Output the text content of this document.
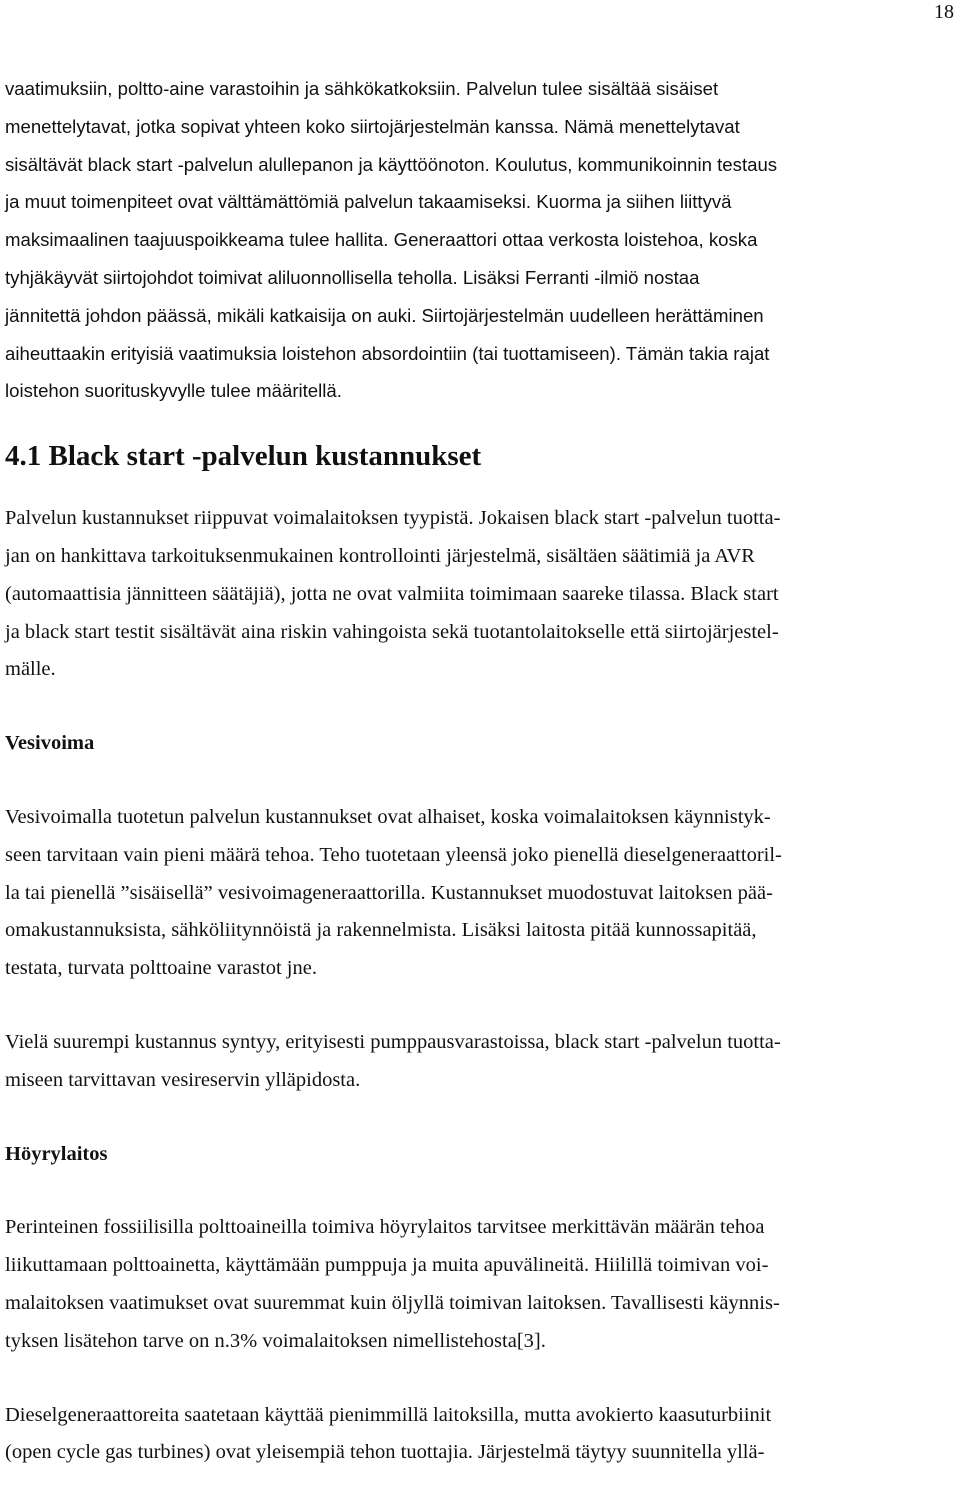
18
vaatimuksiin, poltto-aine varastoihin ja sähkökatkoksiin. Palvelun tulee sisältää sisäiset
menettelytavat, jotka sopivat yhteen koko siirtojärjestelmän kanssa. Nämä menettelytavat
sisältävät black start -palvelun alullepanon ja käyttöönoton. Koulutus, kommunikoinnin testaus
ja muut toimenpiteet ovat välttämättömiä palvelun takaamiseksi. Kuorma ja siihen liittyvä
maksimaalinen taajuuspoikkeama tulee hallita. Generaattori ottaa verkosta loistehoa, koska
tyhjäkäyvät siirtojohdot toimivat aliluonnollisella teholla. Lisäksi Ferranti -ilmiö nostaa
jännitettä johdon päässä, mikäli katkaisija on auki. Siirtojärjestelmän uudelleen herättäminen
aiheuttaakin erityisiä vaatimuksia loistehon absordointiin (tai tuottamiseen). Tämän takia rajat
loistehon suorituskyvylle tulee määritellä.
4.1 Black start -palvelun kustannukset
Palvelun kustannukset riippuvat voimalaitoksen tyypistä. Jokaisen black start -palvelun tuotta-
jan on hankittava tarkoituksenmukainen kontrollointi järjestelmä, sisältäen säätimiä ja AVR
(automaattisia jännitteen säätäjiä), jotta ne ovat valmiita toimimaan saareke tilassa. Black start
ja black start testit sisältävät aina riskin vahingoista sekä tuotantolaitokselle että siirtojärjestel-
mälle.
Vesivoima
Vesivoimalla tuotetun palvelun kustannukset ovat alhaiset, koska voimalaitoksen käynnistyk-
seen tarvitaan vain pieni määrä tehoa. Teho tuotetaan yleensä joko pienellä dieselgeneraattoril-
la tai pienellä ”sisäisellä” vesivoimageneraattorilla. Kustannukset muodostuvat laitoksen pää-
omakustannuksista, sähköliitynnöistä ja rakennelmista. Lisäksi laitosta pitää kunnossapitää,
testata, turvata polttoaine varastot jne.
Vielä suurempi kustannus syntyy, erityisesti pumppausvarastoissa, black start -palvelun tuotta-
miseen tarvittavan vesireservin ylläpidosta.
Höyrylaitos
Perinteinen fossiilisilla polttoaineilla toimiva höyrylaitos tarvitsee merkittävän määrän tehoa
liikuttamaan polttoainetta, käyttämään pumppuja ja muita apuvälineitä. Hiilillä toimivan voi-
malaitoksen vaatimukset ovat suuremmat kuin öljyllä toimivan laitoksen. Tavallisesti käynnis-
tyksen lisätehon tarve on n.3% voimalaitoksen nimellistehosta[3].
Dieselgeneraattoreita saatetaan käyttää pienimmillä laitoksilla, mutta avokierto kaasuturbiinit
(open cycle gas turbines) ovat yleisempiä tehon tuottajia. Järjestelmä täytyy suunnitella yllä-
